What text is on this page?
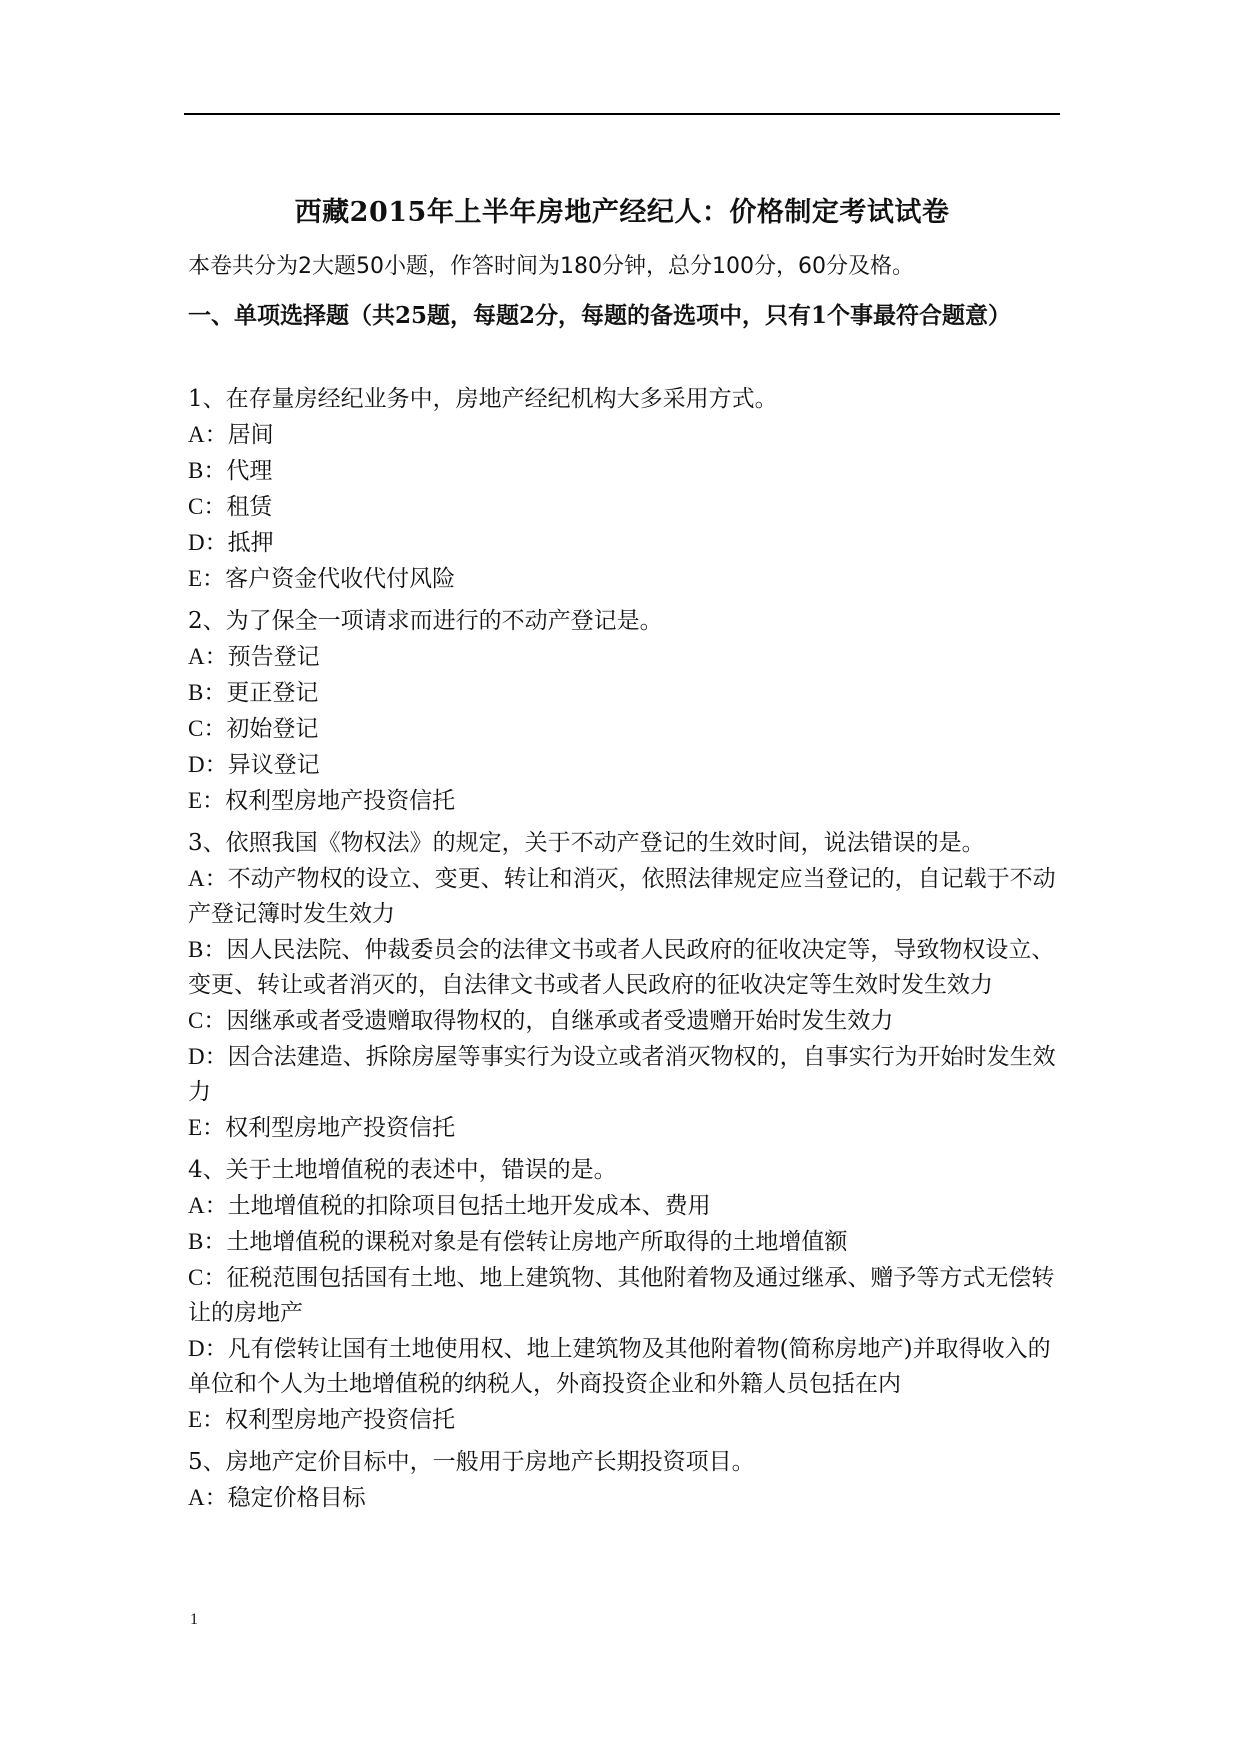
西藏2015年上半年房地产经纪人：价格制定考试试卷
本卷共分为2大题50小题，作答时间为180分钟，总分100分，60分及格。
一、单项选择题（共25题，每题2分，每题的备选项中，只有1个事最符合题意）
1、在存量房经纪业务中，房地产经纪机构大多采用方式。
A：居间
B：代理
C：租赁
D：抵押
E：客户资金代收代付风险
2、为了保全一项请求而进行的不动产登记是。
A：预告登记
B：更正登记
C：初始登记
D：异议登记
E：权利型房地产投资信托
3、依照我国《物权法》的规定，关于不动产登记的生效时间，说法错误的是。
A：不动产物权的设立、变更、转让和消灭，依照法律规定应当登记的，自记载于不动产登记簿时发生效力
B：因人民法院、仲裁委员会的法律文书或者人民政府的征收决定等，导致物权设立、变更、转让或者消灭的，自法律文书或者人民政府的征收决定等生效时发生效力
C：因继承或者受遗赠取得物权的，自继承或者受遗赠开始时发生效力
D：因合法建造、拆除房屋等事实行为设立或者消灭物权的，自事实行为开始时发生效力
E：权利型房地产投资信托
4、关于土地增值税的表述中，错误的是。
A：土地增值税的扣除项目包括土地开发成本、费用
B：土地增值税的课税对象是有偿转让房地产所取得的土地增值额
C：征税范围包括国有土地、地上建筑物、其他附着物及通过继承、赠予等方式无偿转让的房地产
D：凡有偿转让国有土地使用权、地上建筑物及其他附着物(简称房地产)并取得收入的单位和个人为土地增值税的纳税人，外商投资企业和外籍人员包括在内
E：权利型房地产投资信托
5、房地产定价目标中，一般用于房地产长期投资项目。
A：稳定价格目标
1
